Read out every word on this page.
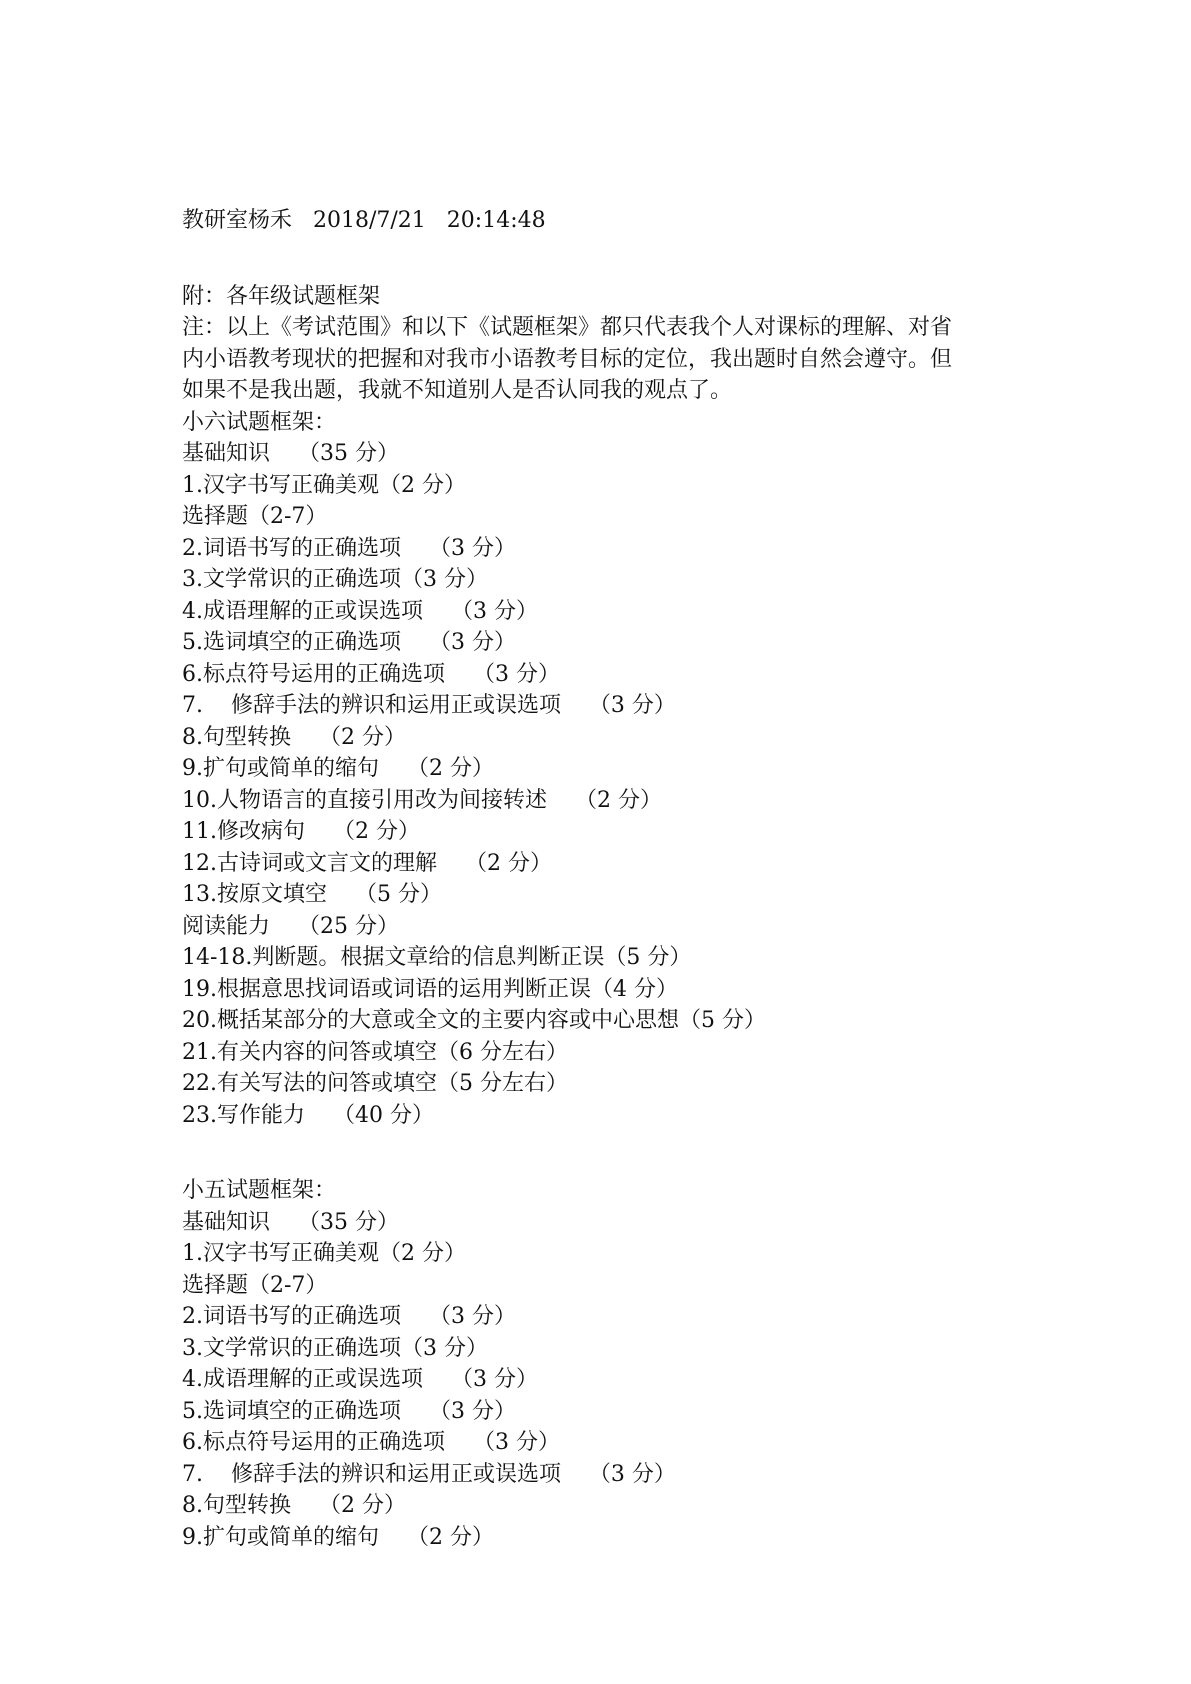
教研室杨禾 2018/7/21 20:14:48
附：各年级试题框架
注：以上《考试范围》和以下《试题框架》都只代表我个人对课标的理解、对省
内小语教考现状的把握和对我市小语教考目标的定位，我出题时自然会遵守。但
如果不是我出题，我就不知道别人是否认同我的观点了。
小六试题框架：
基础知识    （35 分）
1.汉字书写正确美观（2 分）
选择题（2-7）
2.词语书写的正确选项    （3 分）
3.文学常识的正确选项（3 分）
4.成语理解的正或误选项    （3 分）
5.选词填空的正确选项    （3 分）
6.标点符号运用的正确选项    （3 分）
7.    修辞手法的辨识和运用正或误选项    （3 分）
8.句型转换    （2 分）
9.扩句或简单的缩句    （2 分）
10.人物语言的直接引用改为间接转述    （2 分）
11.修改病句    （2 分）
12.古诗词或文言文的理解    （2 分）
13.按原文填空    （5 分）
阅读能力    （25 分）
14-18.判断题。根据文章给的信息判断正误（5 分）
19.根据意思找词语或词语的运用判断正误（4 分）
20.概括某部分的大意或全文的主要内容或中心思想（5 分）
21.有关内容的问答或填空（6 分左右）
22.有关写法的问答或填空（5 分左右）
23.写作能力    （40 分）
小五试题框架：
基础知识    （35 分）
1.汉字书写正确美观（2 分）
选择题（2-7）
2.词语书写的正确选项    （3 分）
3.文学常识的正确选项（3 分）
4.成语理解的正或误选项    （3 分）
5.选词填空的正确选项    （3 分）
6.标点符号运用的正确选项    （3 分）
7.    修辞手法的辨识和运用正或误选项    （3 分）
8.句型转换    （2 分）
9.扩句或简单的缩句    （2 分）
